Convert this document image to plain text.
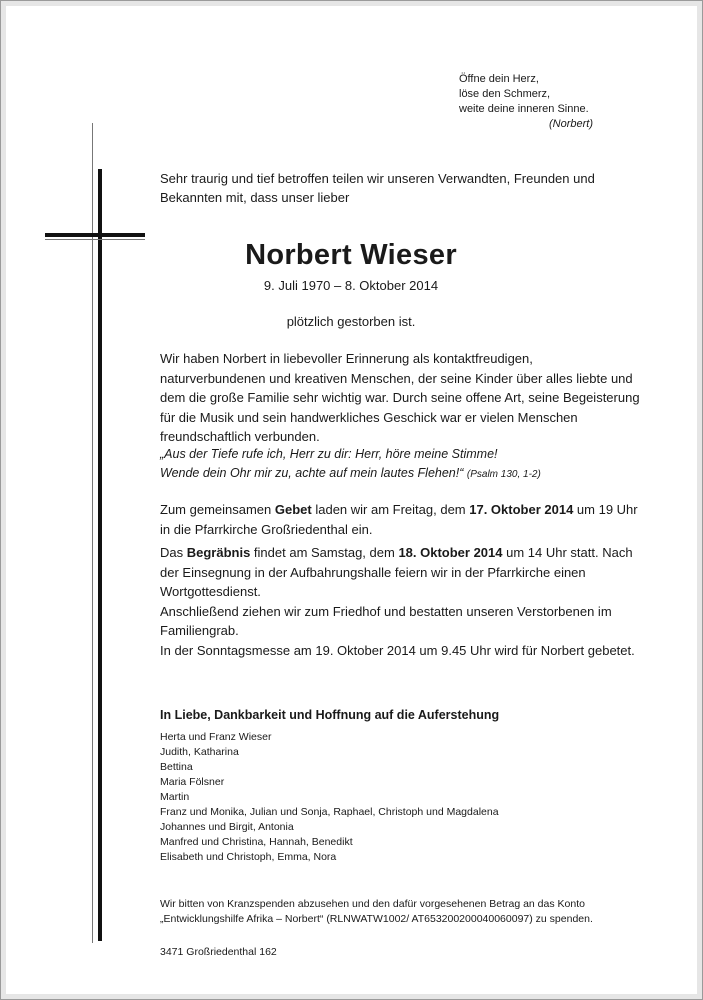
Öffne dein Herz,
löse den Schmerz,
weite deine inneren Sinne.
(Norbert)
Sehr traurig und tief betroffen teilen wir unseren Verwandten, Freunden und Bekannten mit, dass unser lieber
Norbert Wieser
9. Juli 1970 – 8. Oktober 2014
plötzlich gestorben ist.
Wir haben Norbert in liebevoller Erinnerung als kontaktfreudigen, naturverbundenen und kreativen Menschen, der seine Kinder über alles liebte und dem die große Familie sehr wichtig war. Durch seine offene Art, seine Begeisterung für die Musik und sein handwerkliches Geschick war er vielen Menschen freundschaftlich verbunden.
„Aus der Tiefe rufe ich, Herr zu dir: Herr, höre meine Stimme!
Wende dein Ohr mir zu, achte auf mein lautes Flehen!“ (Psalm 130, 1-2)
Zum gemeinsamen Gebet laden wir am Freitag, dem 17. Oktober 2014 um 19 Uhr in die Pfarrkirche Großriedenthal ein.
Das Begräbnis findet am Samstag, dem 18. Oktober 2014 um 14 Uhr statt. Nach der Einsegnung in der Aufbahrungshalle feiern wir in der Pfarrkirche einen Wortgottesdienst.
Anschließend ziehen wir zum Friedhof und bestatten unseren Verstorbenen im Familiengrab.
In der Sonntagsmesse am 19. Oktober 2014 um 9.45 Uhr wird für Norbert gebetet.
In Liebe, Dankbarkeit und Hoffnung auf die Auferstehung
Herta und Franz Wieser
Judith, Katharina
Bettina
Maria Fölsner
Martin
Franz und Monika, Julian und Sonja, Raphael, Christoph und Magdalena
Johannes und Birgit, Antonia
Manfred und Christina, Hannah, Benedikt
Elisabeth und Christoph, Emma, Nora
Wir bitten von Kranzspenden abzusehen und den dafür vorgesehenen Betrag an das Konto
„Entwicklungshilfe Afrika – Norbert“ (RLNWATW1002/ AT653200200040060097) zu spenden.
3471 Großriedenthal 162
